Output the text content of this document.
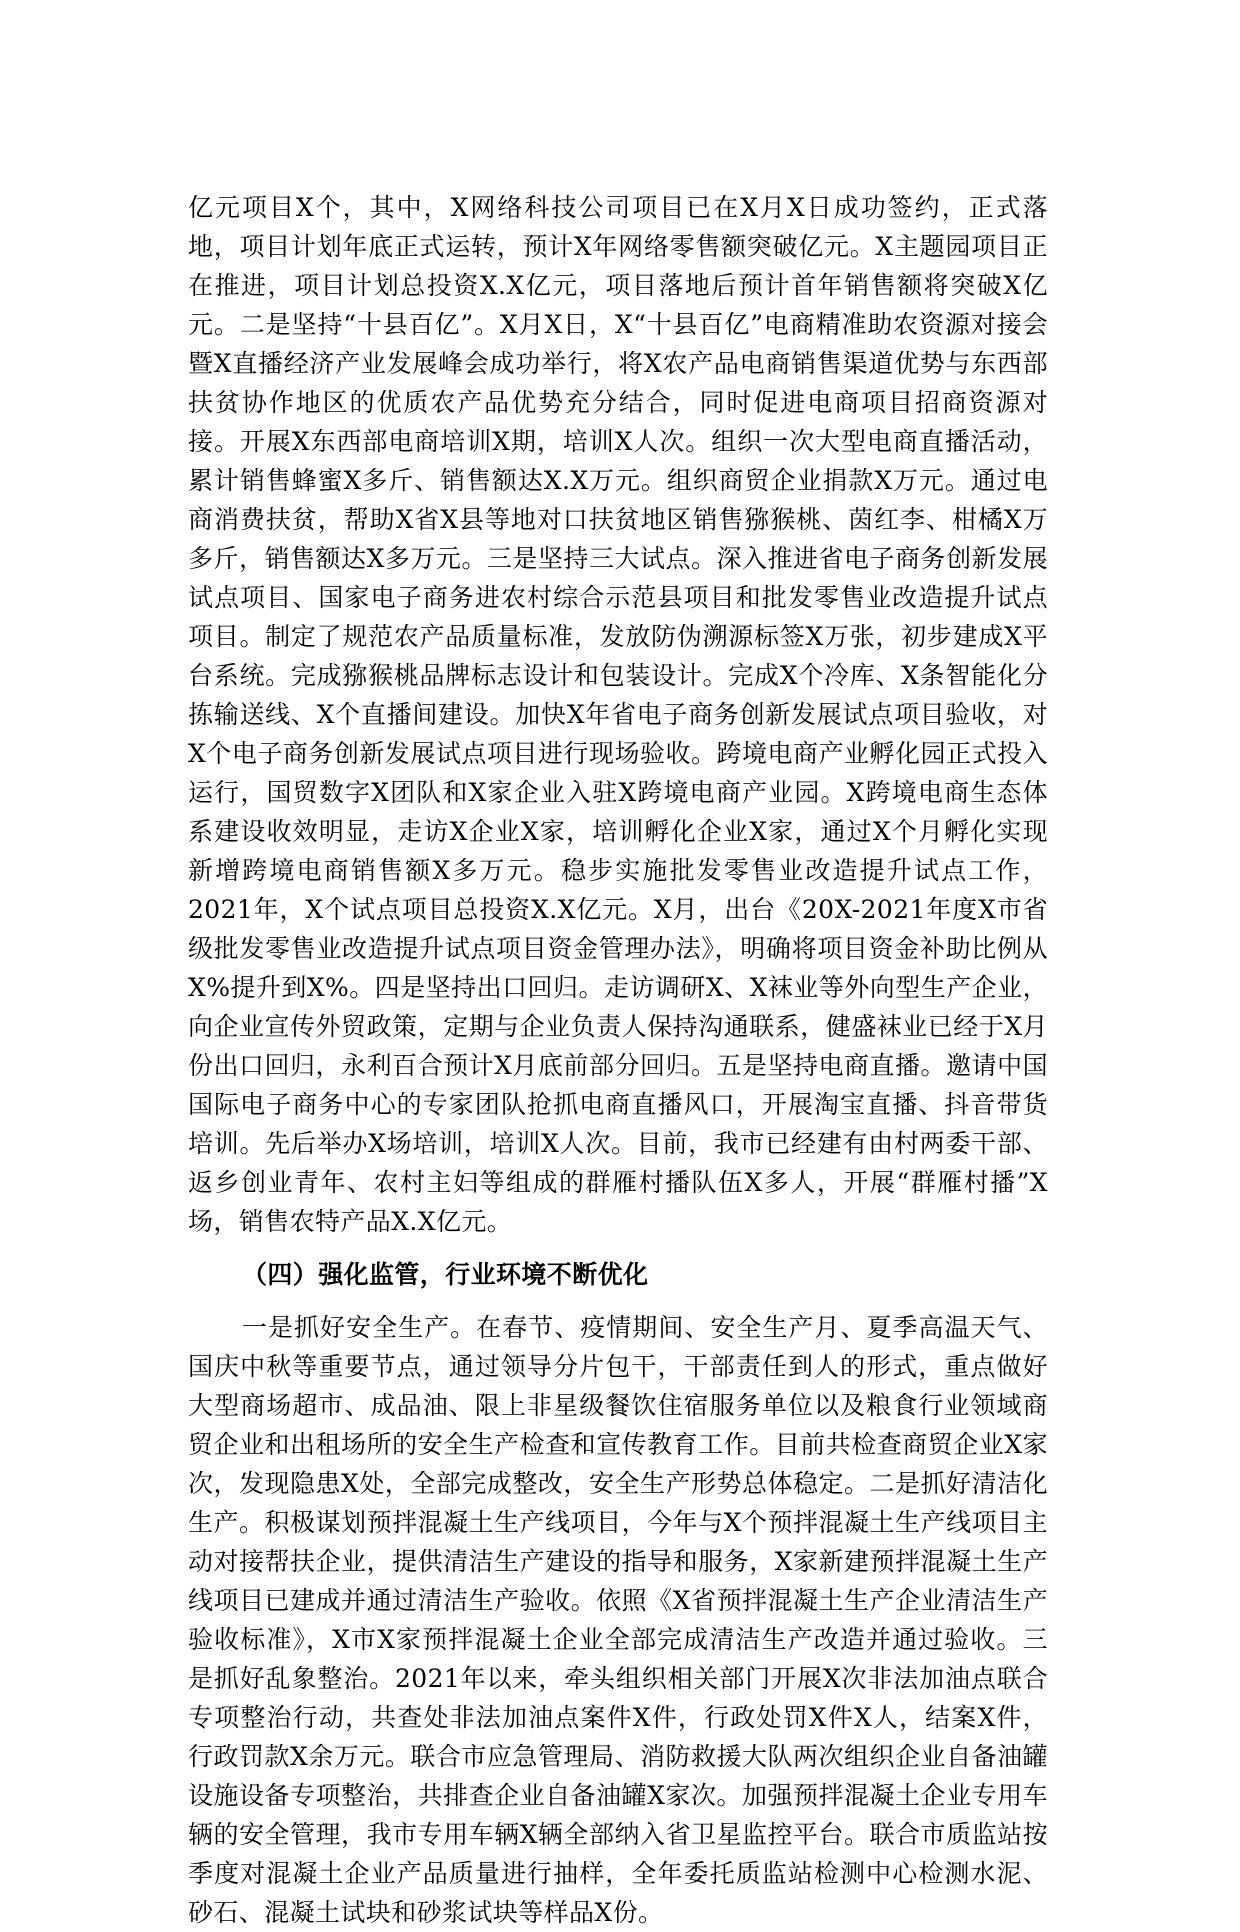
亿元项目X个，其中，X网络科技公司项目已在X月X日成功签约，正式落地，项目计划年底正式运转，预计X年网络零售额突破亿元。X主题园项目正在推进，项目计划总投资X.X亿元，项目落地后预计首年销售额将突破X亿元。二是坚持“十县百亿”。X月X日，X“十县百亿”电商精准助农资源对接会暨X直播经济产业发展峰会成功举行，将X农产品电商销售渠道优势与东西部扶贫协作地区的优质农产品优势充分结合，同时促进电商项目招商资源对接。开展X东西部电商培训X期，培训X人次。组织一次大型电商直播活动，累计销售蜂蜜X多斤、销售额达X.X万元。组织商贸企业捐款X万元。通过电商消费扶贫，帮助X省X县等地对口扶贫地区销售猕猴桃、茵红李、柑橘X万多斤，销售额达X多万元。三是坚持三大试点。深入推进省电子商务创新发展试点项目、国家电子商务进农村综合示范县项目和批发零售业改造提升试点项目。制定了规范农产品质量标准，发放防伪溯源标签X万张，初步建成X平台系统。完成猕猴桃品牌标志设计和包装设计。完成X个冷库、X条智能化分拣输送线、X个直播间建设。加快X年省电子商务创新发展试点项目验收，对X个电子商务创新发展试点项目进行现场验收。跨境电商产业孵化园正式投入运行，国贸数字X团队和X家企业入驻X跨境电商产业园。X跨境电商生态体系建设收效明显，走访X企业X家，培训孵化企业X家，通过X个月孵化实现新增跨境电商销售额X多万元。稳步实施批发零售业改造提升试点工作，2021年，X个试点项目总投资X.X亿元。X月，出台《20X-2021年度X市省级批发零售业改造提升试点项目资金管理办法》，明确将项目资金补助比例从X%提升到X%。四是坚持出口回归。走访调研X、X袜业等外向型生产企业，向企业宣传外贸政策，定期与企业负责人保持沟通联系，健盛袜业已经于X月份出口回归，永利百合预计X月底前部分回归。五是坚持电商直播。邀请中国国际电子商务中心的专家团队抢抓电商直播风口，开展淘宝直播、抖音带货培训。先后举办X场培训，培训X人次。目前，我市已经建有由村两委干部、返乡创业青年、农村主妇等组成的群雁村播队伍X多人，开展“群雁村播”X场，销售农特产品X.X亿元。

（四）强化监管，行业环境不断优化

一是抓好安全生产。在春节、疫情期间、安全生产月、夏季高温天气、国庆中秋等重要节点，通过领导分片包干，干部责任到人的形式，重点做好大型商场超市、成品油、限上非星级餐饮住宿服务单位以及粮食行业领域商贸企业和出租场所的安全生产检查和宣传教育工作。目前共检查商贸企业X家次，发现隐患X处，全部完成整改，安全生产形势总体稳定。二是抓好清洁化生产。积极谋划预拌混凝土生产线项目，今年与X个预拌混凝土生产线项目主动对接帮扶企业，提供清洁生产建设的指导和服务，X家新建预拌混凝土生产线项目已建成并通过清洁生产验收。依照《X省预拌混凝土生产企业清洁生产验收标准》，X市X家预拌混凝土企业全部完成清洁生产改造并通过验收。三是抓好乱象整治。2021年以来，牵头组织相关部门开展X次非法加油点联合专项整治行动，共查处非法加油点案件X件，行政处罚X件X人，结案X件，行政罚款X余万元。联合市应急管理局、消防救援大队两次组织企业自备油罐设施设备专项整治，共排查企业自备油罐X家次。加强预拌混凝土企业专用车辆的安全管理，我市专用车辆X辆全部纳入省卫星监控平台。联合市质监站按季度对混凝土企业产品质量进行抽样，全年委托质监站检测中心检测水泥、砂石、混凝土试块和砂浆试块等样品X份。
